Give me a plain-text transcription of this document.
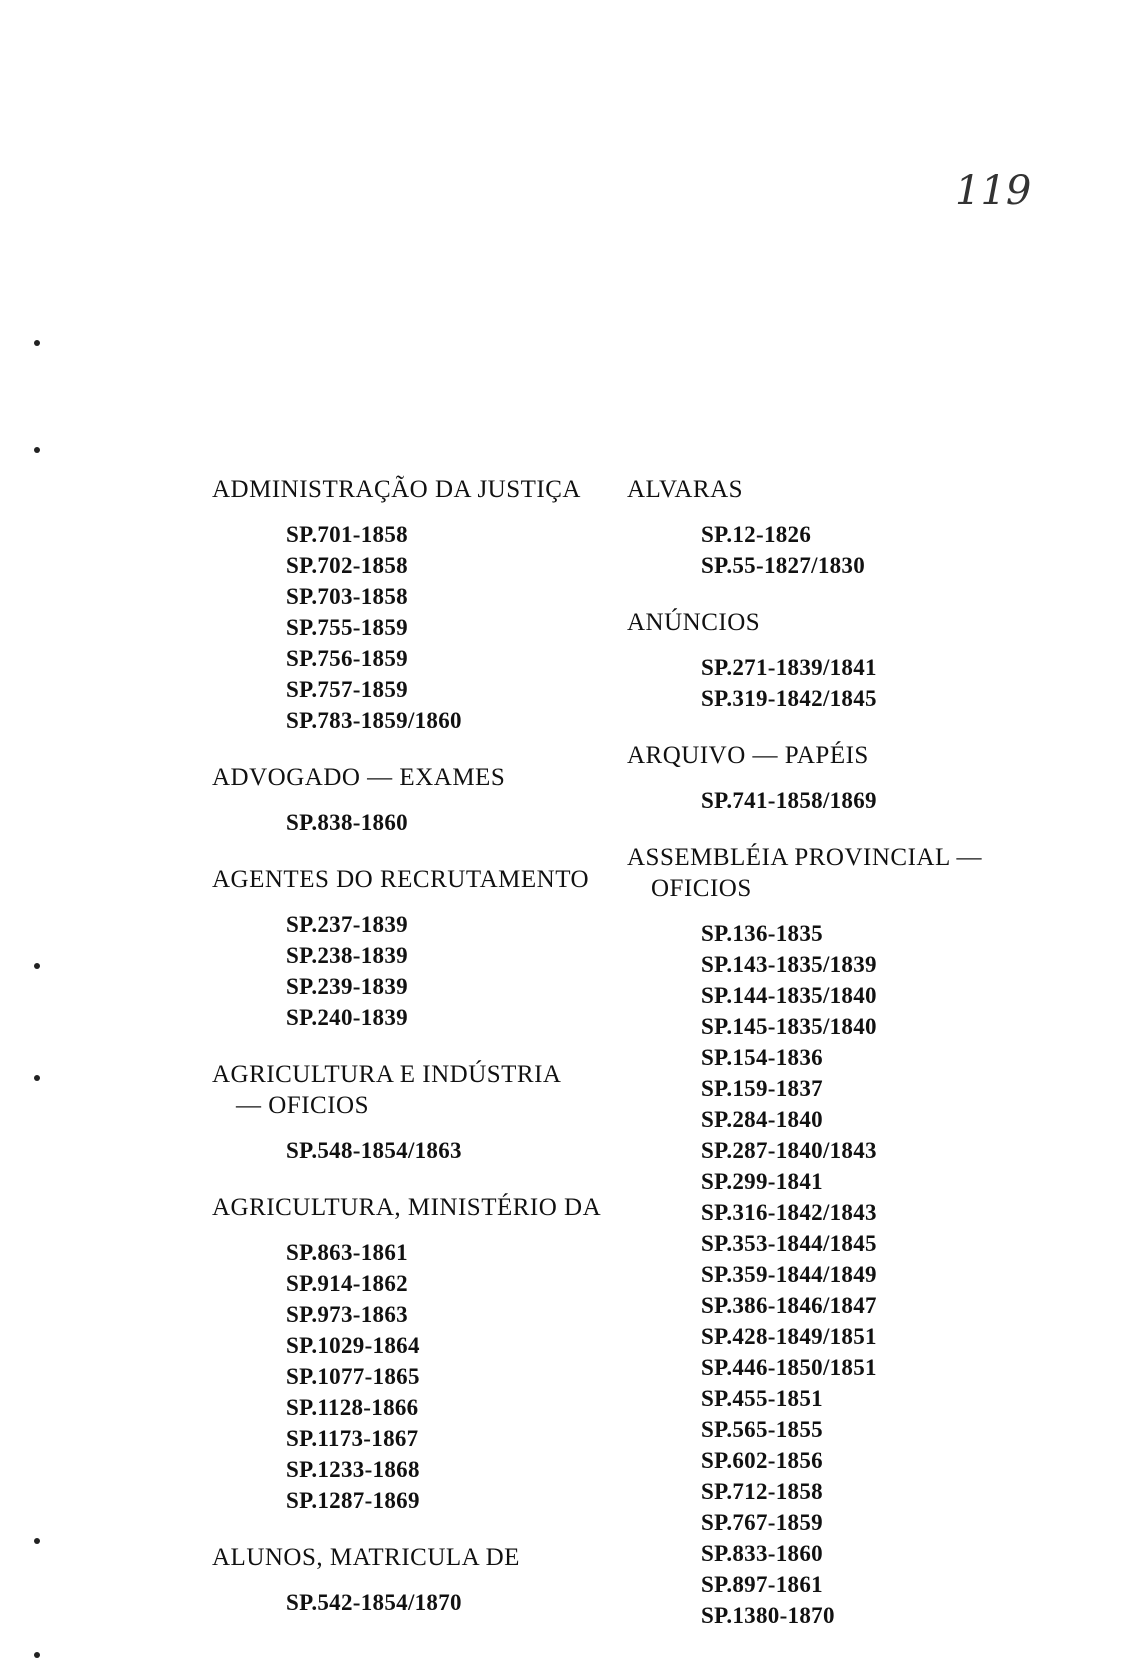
119

ADMINISTRAÇÃO DA JUSTIÇA

SP.701-1858
SP.702-1858
SP.703-1858
SP.755-1859
SP.756-1859
SP.757-1859
SP.783-1859/1860

ADVOGADO — EXAMES

SP.838-1860

AGENTES DO RECRUTAMENTO

SP.237-1839
SP.238-1839
SP.239-1839
SP.240-1839

AGRICULTURA E INDÚSTRIA
— OFICIOS

SP.548-1854/1863

AGRICULTURA, MINISTÉRIO DA

SP.863-1861
SP.914-1862
SP.973-1863
SP.1029-1864
SP.1077-1865
SP.1128-1866
SP.1173-1867
SP.1233-1868
SP.1287-1869

ALUNOS, MATRICULA DE

SP.542-1854/1870

ALVARAS

SP.12-1826
SP.55-1827/1830

ANÚNCIOS

SP.271-1839/1841
SP.319-1842/1845

ARQUIVO — PAPÉIS

SP.741-1858/1869

ASSEMBLÉIA PROVINCIAL —
OFICIOS

SP.136-1835
SP.143-1835/1839
SP.144-1835/1840
SP.145-1835/1840
SP.154-1836
SP.159-1837
SP.284-1840
SP.287-1840/1843
SP.299-1841
SP.316-1842/1843
SP.353-1844/1845
SP.359-1844/1849
SP.386-1846/1847
SP.428-1849/1851
SP.446-1850/1851
SP.455-1851
SP.565-1855
SP.602-1856
SP.712-1858
SP.767-1859
SP.833-1860
SP.897-1861
SP.1380-1870
